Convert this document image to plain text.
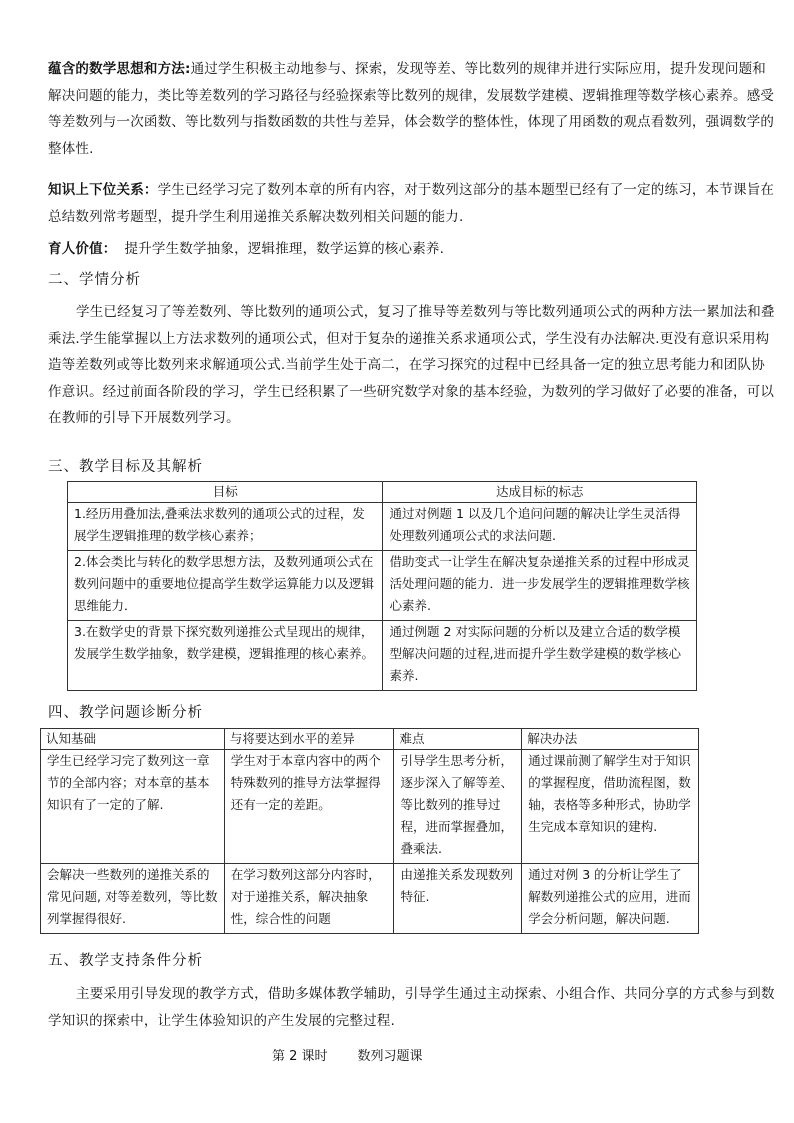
蕴含的数学思想和方法:通过学生积极主动地参与、探索，发现等差、等比数列的规律并进行实际应用，提升发现问题和解决问题的能力，类比等差数列的学习路径与经验探索等比数列的规律，发展数学建模、逻辑推理等数学核心素养。感受等差数列与一次函数、等比数列与指数函数的共性与差异，体会数学的整体性，体现了用函数的观点看数列，强调数学的整体性.
知识上下位关系：学生已经学习完了数列本章的所有内容，对于数列这部分的基本题型已经有了一定的练习，本节课旨在总结数列常考题型，提升学生利用递推关系解决数列相关问题的能力.
育人价值： 提升学生数学抽象，逻辑推理，数学运算的核心素养.
二、学情分析
学生已经复习了等差数列、等比数列的通项公式，复习了推导等差数列与等比数列通项公式的两种方法一累加法和叠乘法.学生能掌握以上方法求数列的通项公式，但对于复杂的递推关系求通项公式，学生没有办法解决.更没有意识采用构造等差数列或等比数列来求解通项公式.当前学生处于高二，在学习探究的过程中已经具备一定的独立思考能力和团队协作意识。经过前面各阶段的学习，学生已经积累了一些研究数学对象的基本经验，为数列的学习做好了必要的准备，可以在教师的引导下开展数列学习。
三、教学目标及其解析
目标	达成目标的标志
1.经历用叠加法,叠乘法求数列的通项公式的过程，发展学生逻辑推理的数学核心素养；	通过对例题 1 以及几个追问问题的解决让学生灵活得处理数列通项公式的求法问题.
2.体会类比与转化的数学思想方法，及数列通项公式在数列问题中的重要地位提高学生数学运算能力以及逻辑思维能力．	借助变式一让学生在解决复杂递推关系的过程中形成灵活处理问题的能力．进一步发展学生的逻辑推理数学核心素养.
3.在数学史的背景下探究数列递推公式呈现出的规律，发展学生数学抽象，数学建模，逻辑推理的核心素养。	通过例题 2 对实际问题的分析以及建立合适的数学模型解决问题的过程,进而提升学生数学建模的数学核心素养.
四、教学问题诊断分析
认知基础	与将要达到水平的差异	难点	解决办法
学生已经学习完了数列这一章节的全部内容；对本章的基本知识有了一定的了解.	学生对于本章内容中的两个特殊数列的推导方法掌握得还有一定的差距。	引导学生思考分析，逐步深入了解等差、等比数列的推导过程，进而掌握叠加，叠乘法.	通过课前测了解学生对于知识的掌握程度，借助流程图，数轴，表格等多种形式，协助学生完成本章知识的建构.
会解决一些数列的递推关系的常见问题, 对等差数列，等比数列掌握得很好.	在学习数列这部分内容时，对于递推关系，解决抽象性，综合性的问题	由递推关系发现数列特征.	通过对例 3 的分析让学生了解数列递推公式的应用，进而学会分析问题，解决问题.
五、教学支持条件分析
主要采用引导发现的教学方式，借助多媒体教学辅助，引导学生通过主动探索、小组合作、共同分享的方式参与到数学知识的探索中，让学生体验知识的产生发展的完整过程.
第 2 课时 数列习题课
